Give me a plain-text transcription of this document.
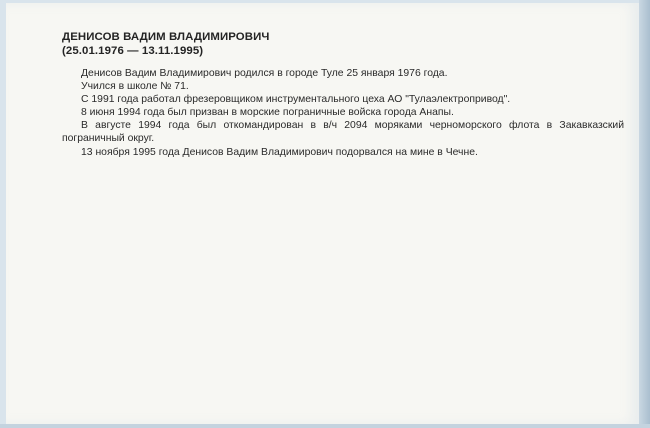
ДЕНИСОВ ВАДИМ ВЛАДИМИРОВИЧ
(25.01.1976 — 13.11.1995)

Денисов Вадим Владимирович родился в городе Туле 25 января 1976 года.

Учился в школе № 71.

С 1991 года работал фрезеровщиком инструментального цеха АО "Тулаэлектропривод".

8 июня 1994 года был призван в морские пограничные войска города Анапы.

В августе 1994 года был откомандирован в в/ч 2094 моряками черноморского флота в Закавказский пограничный округ.

13 ноября 1995 года Денисов Вадим Владимирович подорвался на мине в Чечне.
